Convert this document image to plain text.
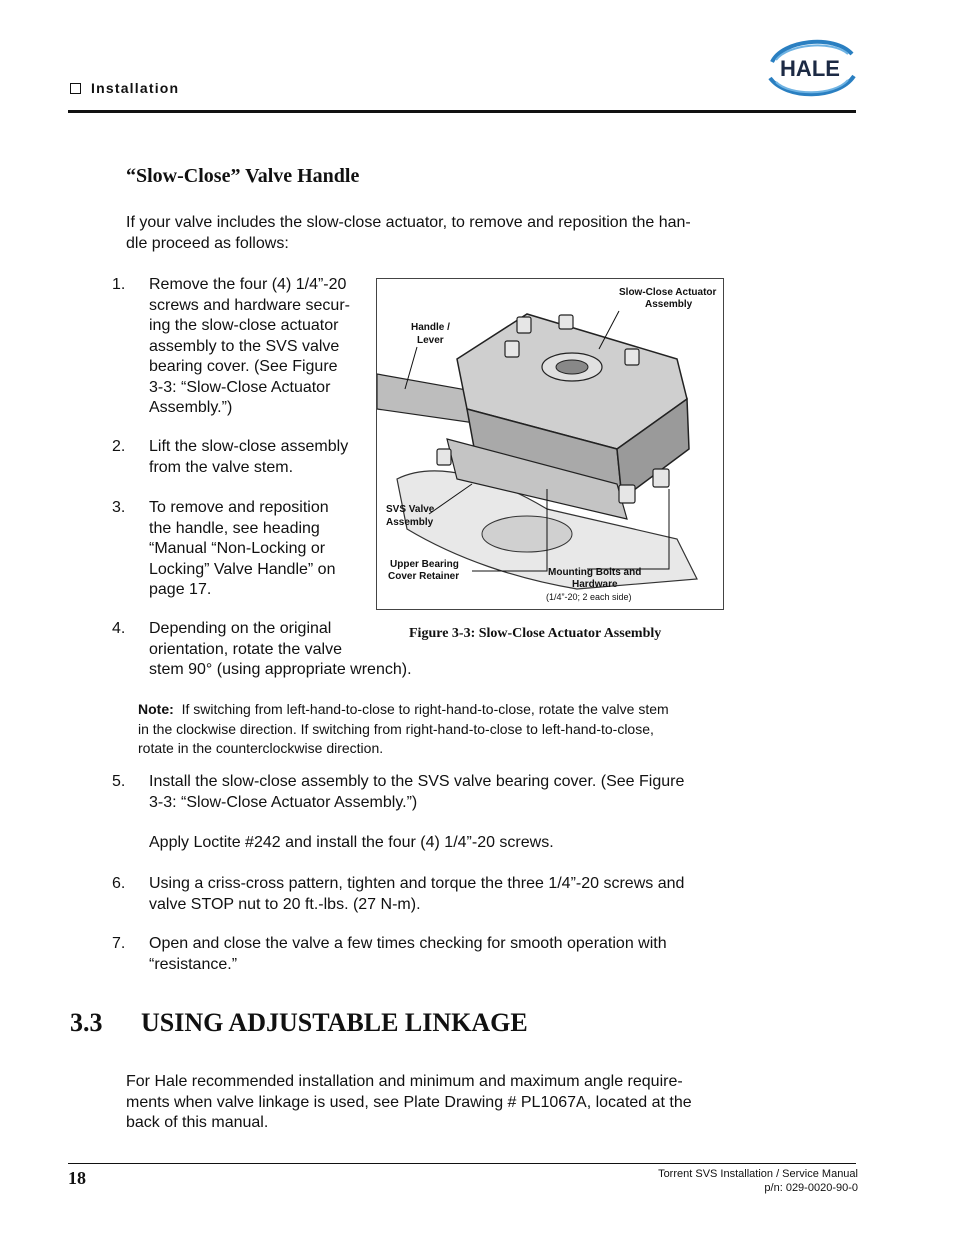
Installation
HALE
“Slow-Close” Valve Handle
If your valve includes the slow-close actuator, to remove and reposition the han-
dle proceed as follows:
1. Remove the four (4) 1/4”-20
screws and hardware secur-
ing the slow-close actuator
assembly to the SVS valve
bearing cover. (See Figure
3-3: “Slow-Close Actuator
Assembly.”)
2. Lift the slow-close assembly
from the valve stem.
3. To remove and reposition
the handle, see heading
“Manual “Non-Locking or
Locking” Valve Handle” on
page 17.
4. Depending on the original
orientation, rotate the valve
stem 90° (using appropriate wrench).
Slow-Close Actuator
Assembly
Handle /
Lever
SVS Valve
Assembly
Upper Bearing
Cover Retainer	Mounting Bolts and
Hardware
(1/4”-20; 2 each side)
Figure 3-3: Slow-Close Actuator Assembly
Note: If switching from left-hand-to-close to right-hand-to-close, rotate the valve stem
in the clockwise direction. If switching from right-hand-to-close to left-hand-to-close,
rotate in the counterclockwise direction.
5. Install the slow-close assembly to the SVS valve bearing cover. (See Figure
3-3: “Slow-Close Actuator Assembly.”)
Apply Loctite #242 and install the four (4) 1/4”-20 screws.
6. Using a criss-cross pattern, tighten and torque the three 1/4”-20 screws and
valve STOP nut to 20 ft.-lbs. (27 N-m).
7. Open and close the valve a few times checking for smooth operation with
“resistance.”
3.3 USING ADJUSTABLE LINKAGE
For Hale recommended installation and minimum and maximum angle require-
ments when valve linkage is used, see Plate Drawing # PL1067A, located at the
back of this manual.
18	Torrent SVS Installation / Service Manual
p/n: 029-0020-90-0
